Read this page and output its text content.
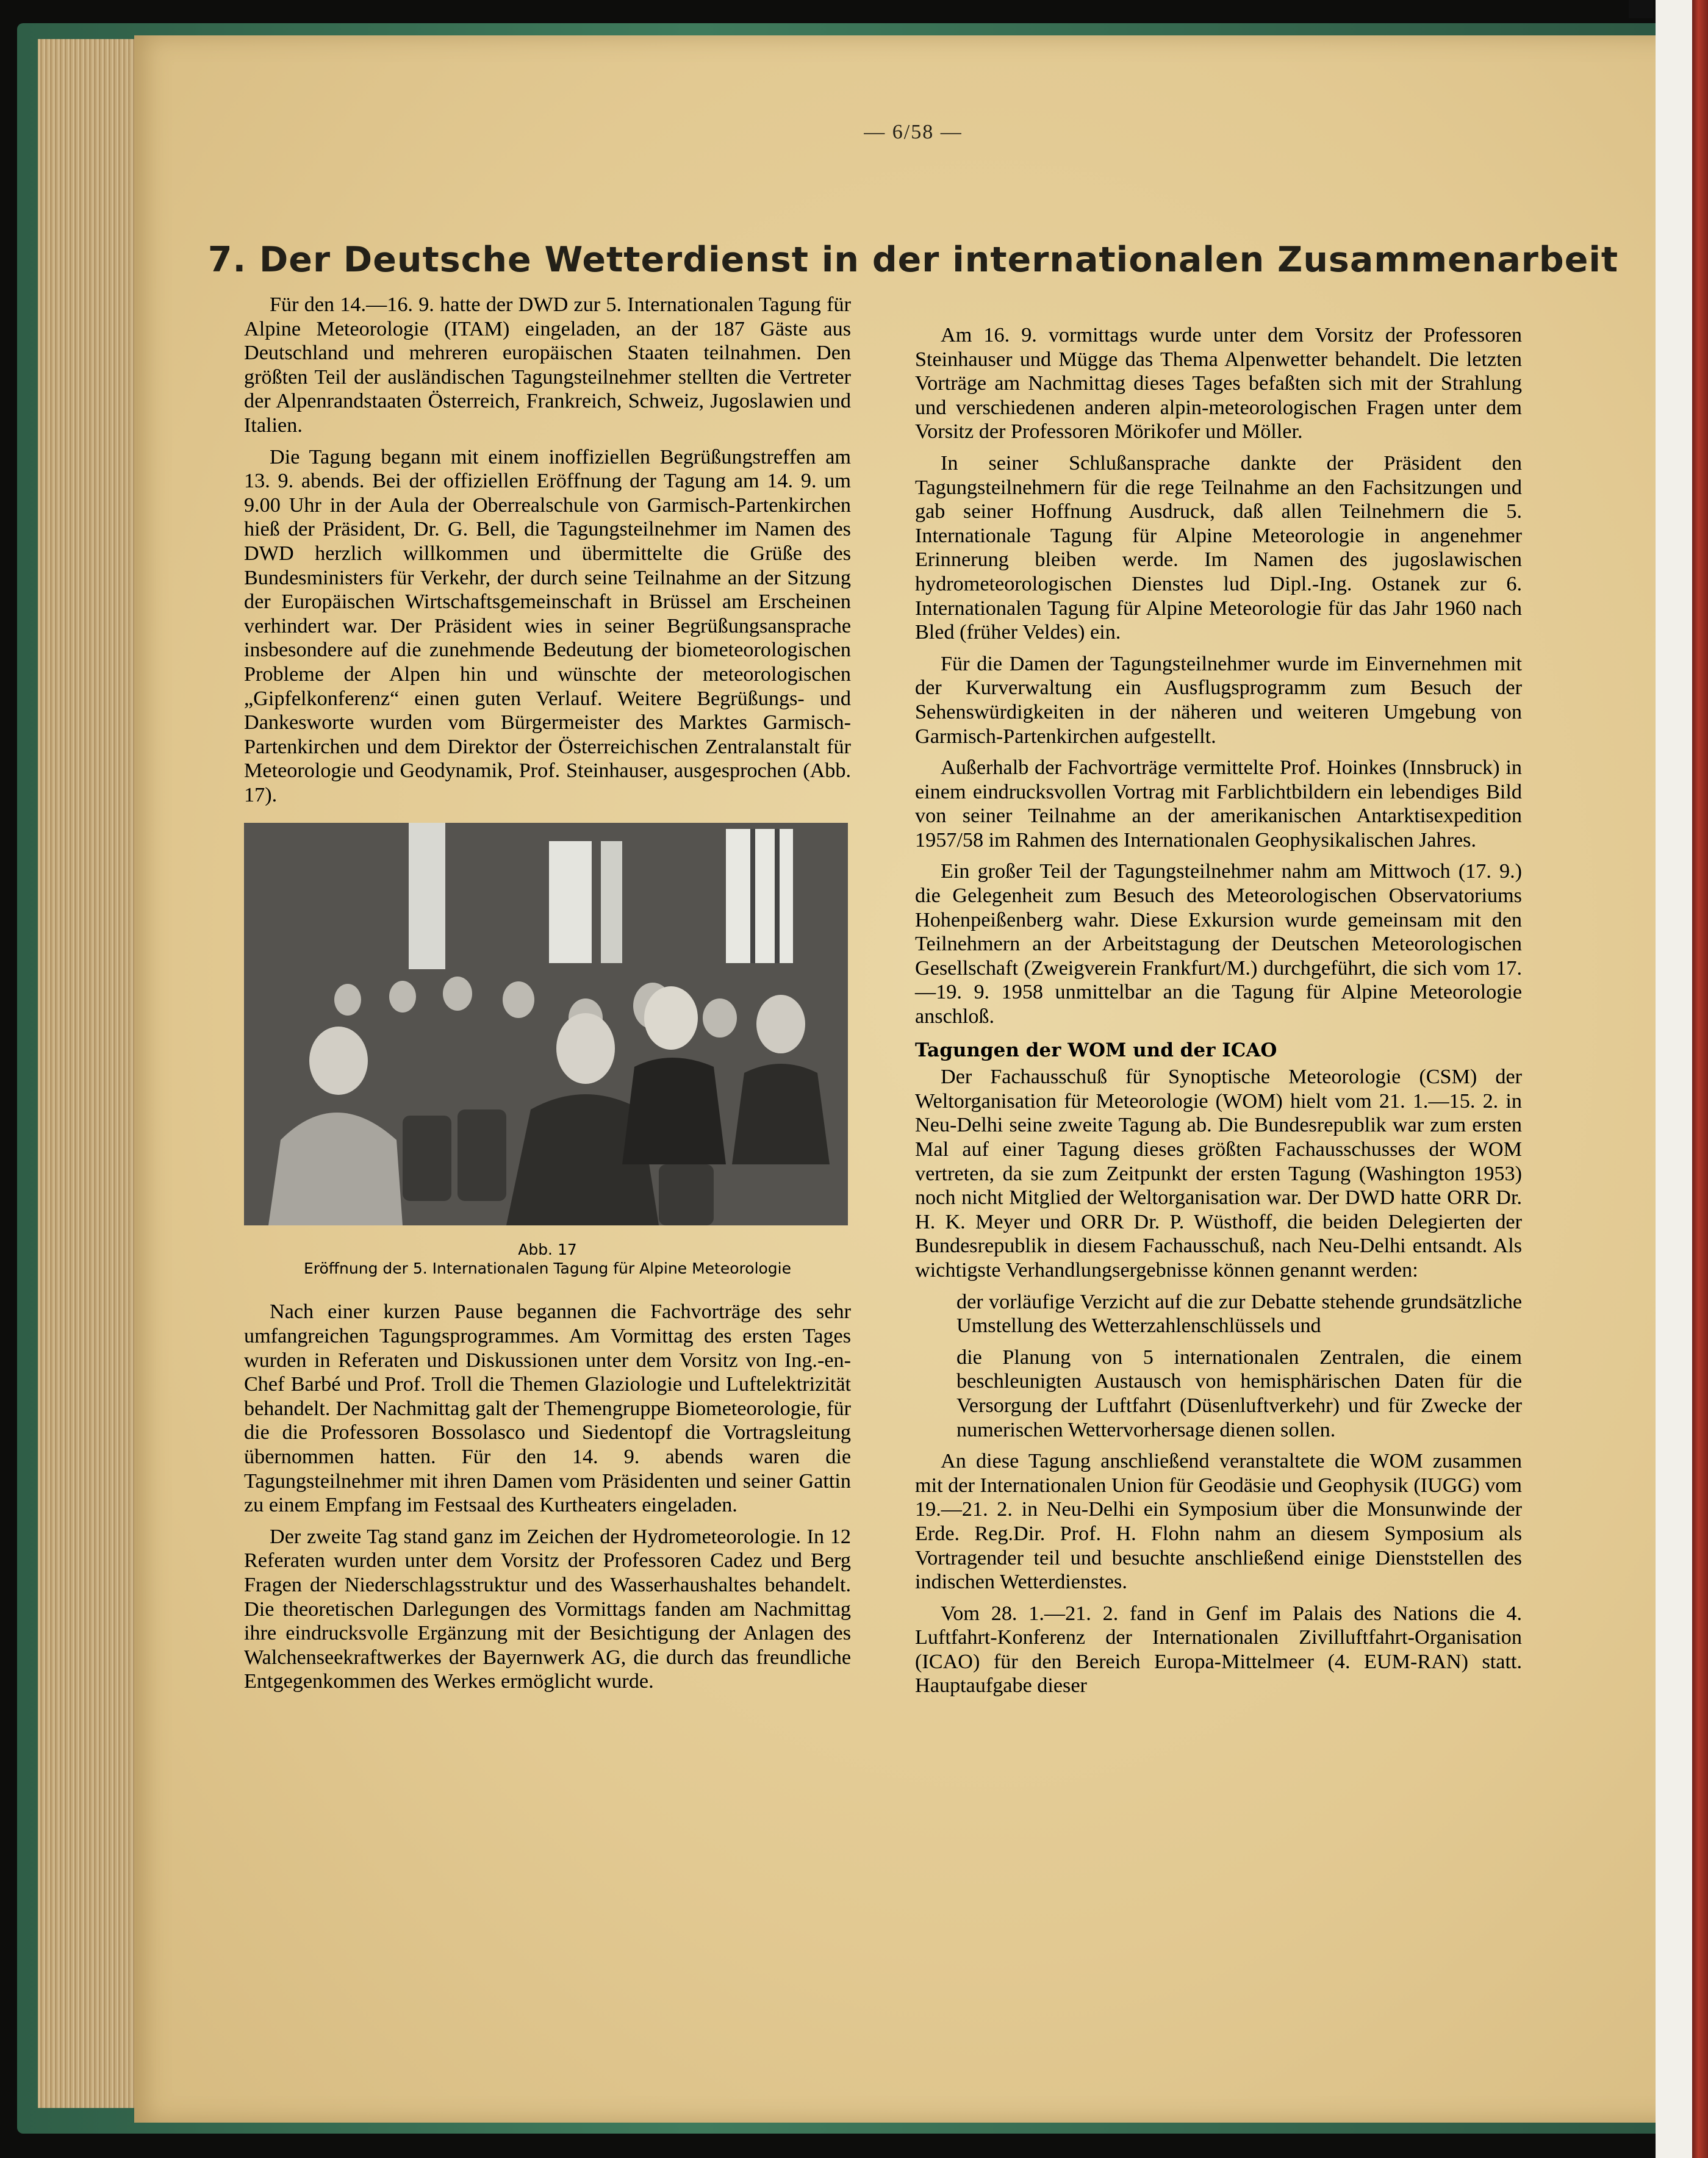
— 6/58 —
7. Der Deutsche Wetterdienst in der internationalen Zusammenarbeit

Für den 14.—16. 9. hatte der DWD zur 5. Internationalen Tagung für Alpine Meteorologie (ITAM) eingeladen, an der 187 Gäste aus Deutschland und mehreren europäischen Staaten teilnahmen. Den größten Teil der ausländischen Tagungsteilnehmer stellten die Vertreter der Alpenrandstaaten Österreich, Frankreich, Schweiz, Jugoslawien und Italien.

Die Tagung begann mit einem inoffiziellen Begrüßungstreffen am 13. 9. abends. Bei der offiziellen Eröffnung der Tagung am 14. 9. um 9.00 Uhr in der Aula der Oberrealschule von Garmisch-Partenkirchen hieß der Präsident, Dr. G. Bell, die Tagungsteilnehmer im Namen des DWD herzlich willkommen und übermittelte die Grüße des Bundesministers für Verkehr, der durch seine Teilnahme an der Sitzung der Europäischen Wirtschaftsgemeinschaft in Brüssel am Erscheinen verhindert war. Der Präsident wies in seiner Begrüßungsansprache insbesondere auf die zunehmende Bedeutung der biometeorologischen Probleme der Alpen hin und wünschte der meteorologischen „Gipfelkonferenz“ einen guten Verlauf. Weitere Begrüßungs- und Dankesworte wurden vom Bürgermeister des Marktes Garmisch-Partenkirchen und dem Direktor der Österreichischen Zentralanstalt für Meteorologie und Geodynamik, Prof. Steinhauser, ausgesprochen (Abb. 17).

Abb. 17
Eröffnung der 5. Internationalen Tagung für Alpine Meteorologie

Nach einer kurzen Pause begannen die Fachvorträge des sehr umfangreichen Tagungsprogrammes. Am Vormittag des ersten Tages wurden in Referaten und Diskussionen unter dem Vorsitz von Ing.-en-Chef Barbé und Prof. Troll die Themen Glaziologie und Luftelektrizität behandelt. Der Nachmittag galt der Themengruppe Biometeorologie, für die die Professoren Bossolasco und Siedentopf die Vortragsleitung übernommen hatten. Für den 14. 9. abends waren die Tagungsteilnehmer mit ihren Damen vom Präsidenten und seiner Gattin zu einem Empfang im Festsaal des Kurtheaters eingeladen.

Der zweite Tag stand ganz im Zeichen der Hydrometeorologie. In 12 Referaten wurden unter dem Vorsitz der Professoren Cadez und Berg Fragen der Niederschlagsstruktur und des Wasserhaushaltes behandelt. Die theoretischen Darlegungen des Vormittags fanden am Nachmittag ihre eindrucksvolle Ergänzung mit der Besichtigung der Anlagen des Walchenseekraftwerkes der Bayernwerk AG, die durch das freundliche Entgegenkommen des Werkes ermöglicht wurde.

Am 16. 9. vormittags wurde unter dem Vorsitz der Professoren Steinhauser und Mügge das Thema Alpenwetter behandelt. Die letzten Vorträge am Nachmittag dieses Tages befaßten sich mit der Strahlung und verschiedenen anderen alpin-meteorologischen Fragen unter dem Vorsitz der Professoren Mörikofer und Möller.

In seiner Schlußansprache dankte der Präsident den Tagungsteilnehmern für die rege Teilnahme an den Fachsitzungen und gab seiner Hoffnung Ausdruck, daß allen Teilnehmern die 5. Internationale Tagung für Alpine Meteorologie in angenehmer Erinnerung bleiben werde. Im Namen des jugoslawischen hydrometeorologischen Dienstes lud Dipl.-Ing. Ostanek zur 6. Internationalen Tagung für Alpine Meteorologie für das Jahr 1960 nach Bled (früher Veldes) ein.

Für die Damen der Tagungsteilnehmer wurde im Einvernehmen mit der Kurverwaltung ein Ausflugsprogramm zum Besuch der Sehenswürdigkeiten in der näheren und weiteren Umgebung von Garmisch-Partenkirchen aufgestellt.

Außerhalb der Fachvorträge vermittelte Prof. Hoinkes (Innsbruck) in einem eindrucksvollen Vortrag mit Farblichtbildern ein lebendiges Bild von seiner Teilnahme an der amerikanischen Antarktisexpedition 1957/58 im Rahmen des Internationalen Geophysikalischen Jahres.

Ein großer Teil der Tagungsteilnehmer nahm am Mittwoch (17. 9.) die Gelegenheit zum Besuch des Meteorologischen Observatoriums Hohenpeißenberg wahr. Diese Exkursion wurde gemeinsam mit den Teilnehmern an der Arbeitstagung der Deutschen Meteorologischen Gesellschaft (Zweigverein Frankfurt/M.) durchgeführt, die sich vom 17.—19. 9. 1958 unmittelbar an die Tagung für Alpine Meteorologie anschloß.

Tagungen der WOM und der ICAO

Der Fachausschuß für Synoptische Meteorologie (CSM) der Weltorganisation für Meteorologie (WOM) hielt vom 21. 1.—15. 2. in Neu-Delhi seine zweite Tagung ab. Die Bundesrepublik war zum ersten Mal auf einer Tagung dieses größten Fachausschusses der WOM vertreten, da sie zum Zeitpunkt der ersten Tagung (Washington 1953) noch nicht Mitglied der Weltorganisation war. Der DWD hatte ORR Dr. H. K. Meyer und ORR Dr. P. Wüsthoff, die beiden Delegierten der Bundesrepublik in diesem Fachausschuß, nach Neu-Delhi entsandt. Als wichtigste Verhandlungsergebnisse können genannt werden:

der vorläufige Verzicht auf die zur Debatte stehende grundsätzliche Umstellung des Wetterzahlenschlüssels und

die Planung von 5 internationalen Zentralen, die einem beschleunigten Austausch von hemisphärischen Daten für die Versorgung der Luftfahrt (Düsenluftverkehr) und für Zwecke der numerischen Wettervorhersage dienen sollen.

An diese Tagung anschließend veranstaltete die WOM zusammen mit der Internationalen Union für Geodäsie und Geophysik (IUGG) vom 19.—21. 2. in Neu-Delhi ein Symposium über die Monsunwinde der Erde. Reg.Dir. Prof. H. Flohn nahm an diesem Symposium als Vortragender teil und besuchte anschließend einige Dienststellen des indischen Wetterdienstes.

Vom 28. 1.—21. 2. fand in Genf im Palais des Nations die 4. Luftfahrt-Konferenz der Internationalen Zivilluftfahrt-Organisation (ICAO) für den Bereich Europa-Mittelmeer (4. EUM-RAN) statt. Hauptaufgabe dieser
